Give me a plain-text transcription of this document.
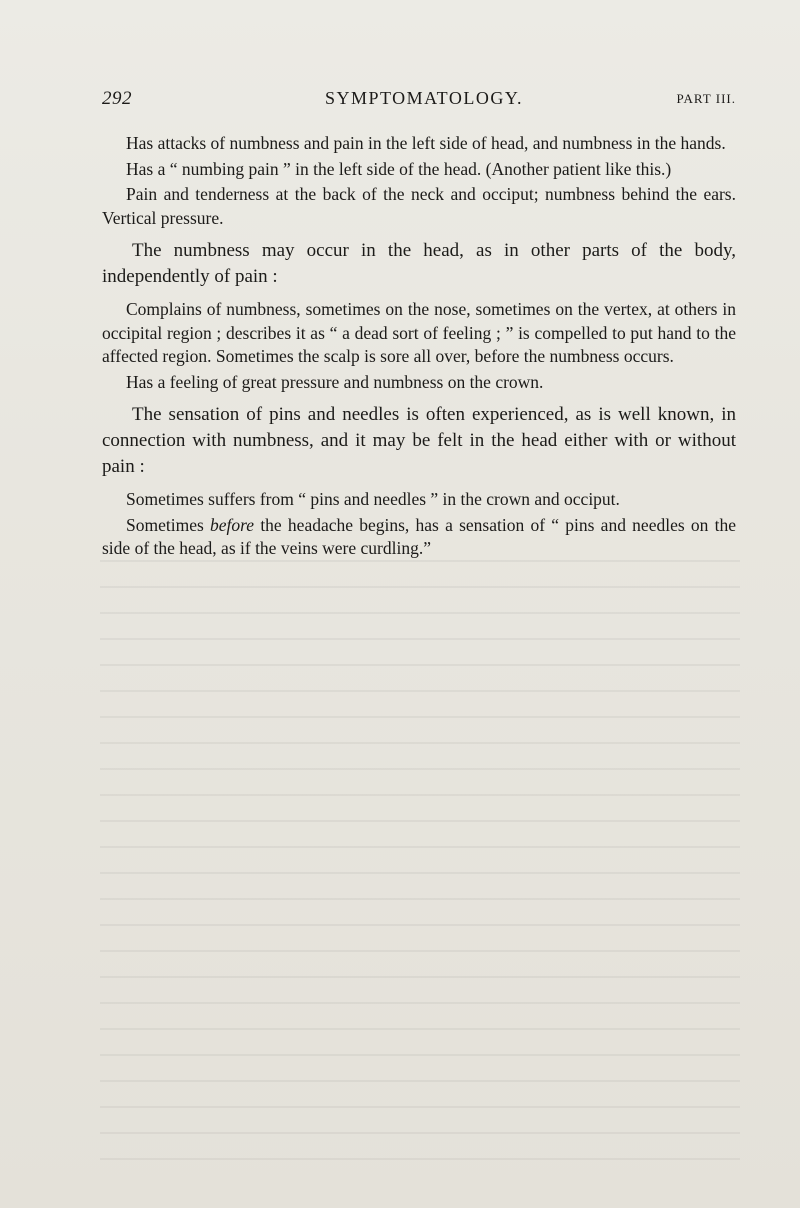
292	SYMPTOMATOLOGY.	PART III.

Has attacks of numbness and pain in the left side of head, and numbness in the hands.

Has a “ numbing pain ” in the left side of the head. (Another patient like this.)

Pain and tenderness at the back of the neck and occiput; numbness behind the ears. Vertical pressure.

The numbness may occur in the head, as in other parts of the body, independently of pain :

Complains of numbness, sometimes on the nose, sometimes on the vertex, at others in occipital region ; describes it as “ a dead sort of feeling ; ” is compelled to put hand to the affected region. Sometimes the scalp is sore all over, before the numbness occurs.

Has a feeling of great pressure and numbness on the crown.

The sensation of pins and needles is often experienced, as is well known, in connection with numbness, and it may be felt in the head either with or without pain :

Sometimes suffers from “ pins and needles ” in the crown and occiput.

Sometimes before the headache begins, has a sensation of “ pins and needles on the side of the head, as if the veins were curdling.”
